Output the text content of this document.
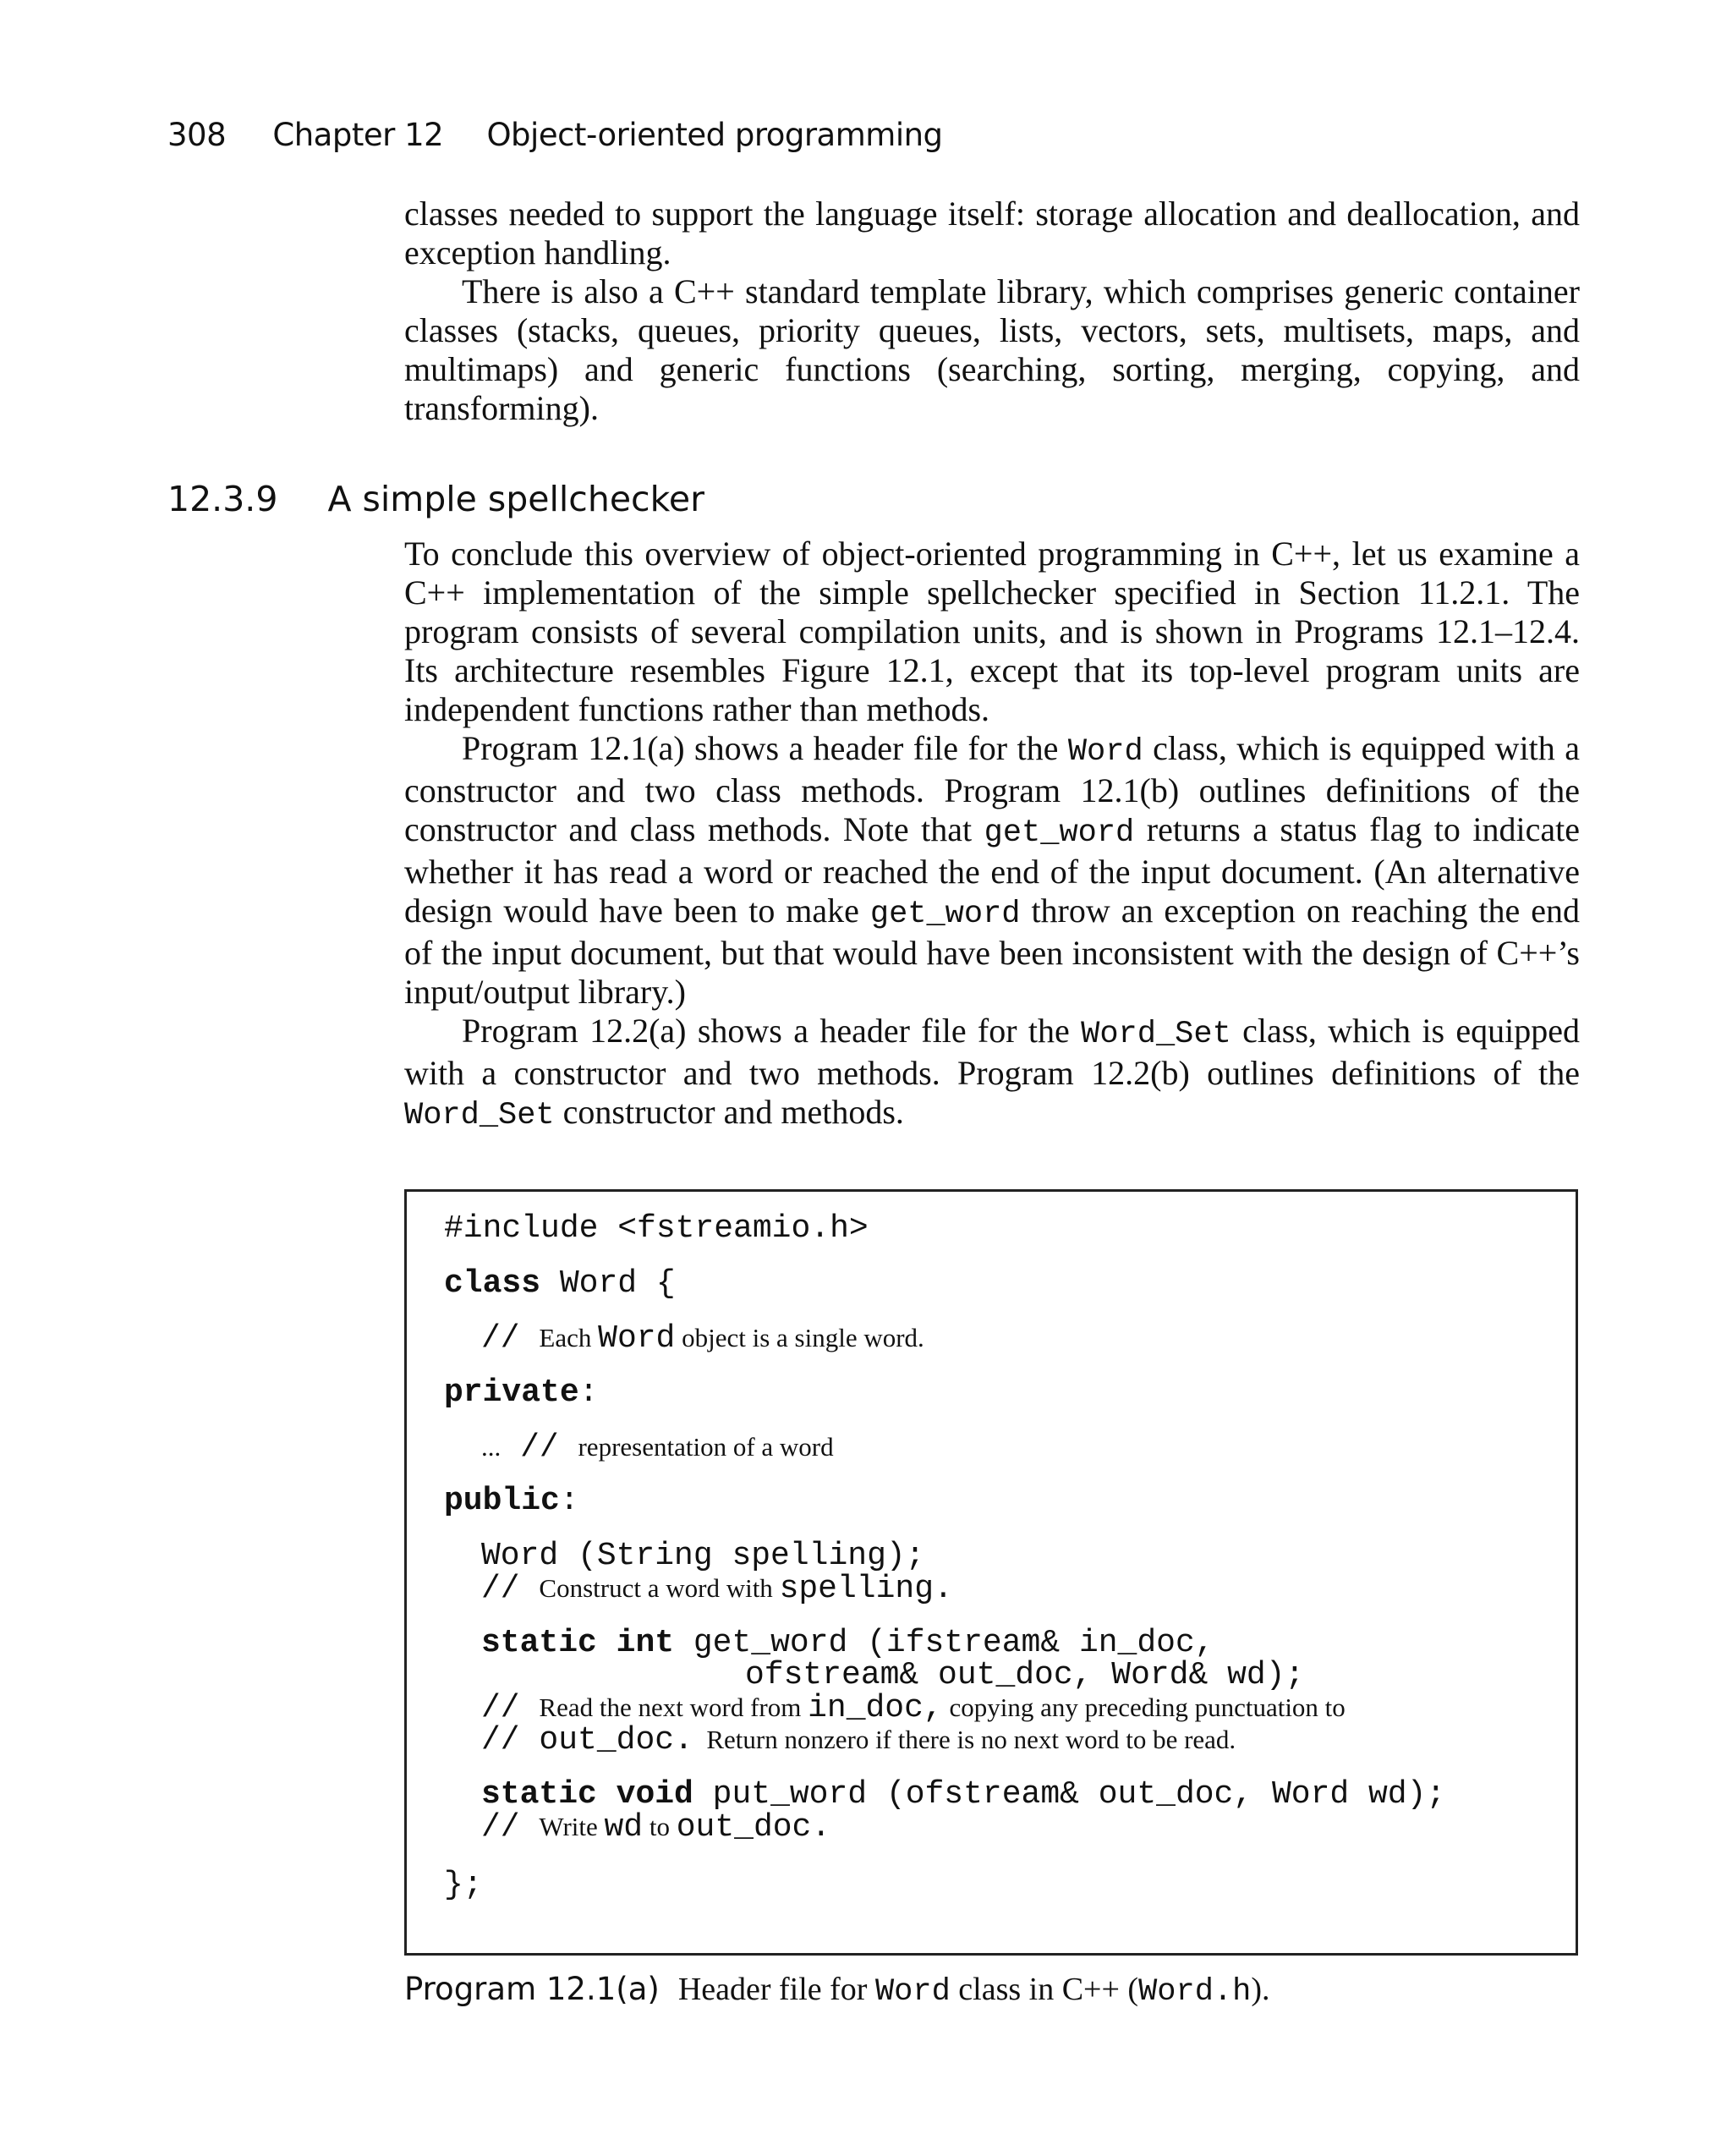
308 Chapter 12 Object-oriented programming

classes needed to support the language itself: storage allocation and deallocation, and exception handling.

There is also a C++ standard template library, which comprises generic container classes (stacks, queues, priority queues, lists, vectors, sets, multisets, maps, and multimaps) and generic functions (searching, sorting, merging, copying, and transforming).

12.3.9 A simple spellchecker

To conclude this overview of object-oriented programming in C++, let us examine a C++ implementation of the simple spellchecker specified in Section 11.2.1. The program consists of several compilation units, and is shown in Programs 12.1–12.4. Its architecture resembles Figure 12.1, except that its top-level program units are independent functions rather than methods.

Program 12.1(a) shows a header file for the Word class, which is equipped with a constructor and two class methods. Program 12.1(b) outlines definitions of the constructor and class methods. Note that get_word returns a status flag to indicate whether it has read a word or reached the end of the input document. (An alternative design would have been to make get_word throw an exception on reaching the end of the input document, but that would have been inconsistent with the design of C++’s input/output library.)

Program 12.2(a) shows a header file for the Word_Set class, which is equipped with a constructor and two methods. Program 12.2(b) outlines definitions of the Word_Set constructor and methods.

#include <fstreamio.h>
class Word {
// Each Word object is a single word.
private:
... // representation of a word
public:
Word (String spelling);
// Construct a word with spelling.
static int get_word (ifstream& in_doc,
ofstream& out_doc, Word& wd);
// Read the next word from in_doc, copying any preceding punctuation to
// out_doc.  Return nonzero if there is no next word to be read.
static void put_word (ofstream& out_doc, Word wd);
// Write wd to out_doc.
};
Program 12.1(a) Header file for Word class in C++ (Word.h).
